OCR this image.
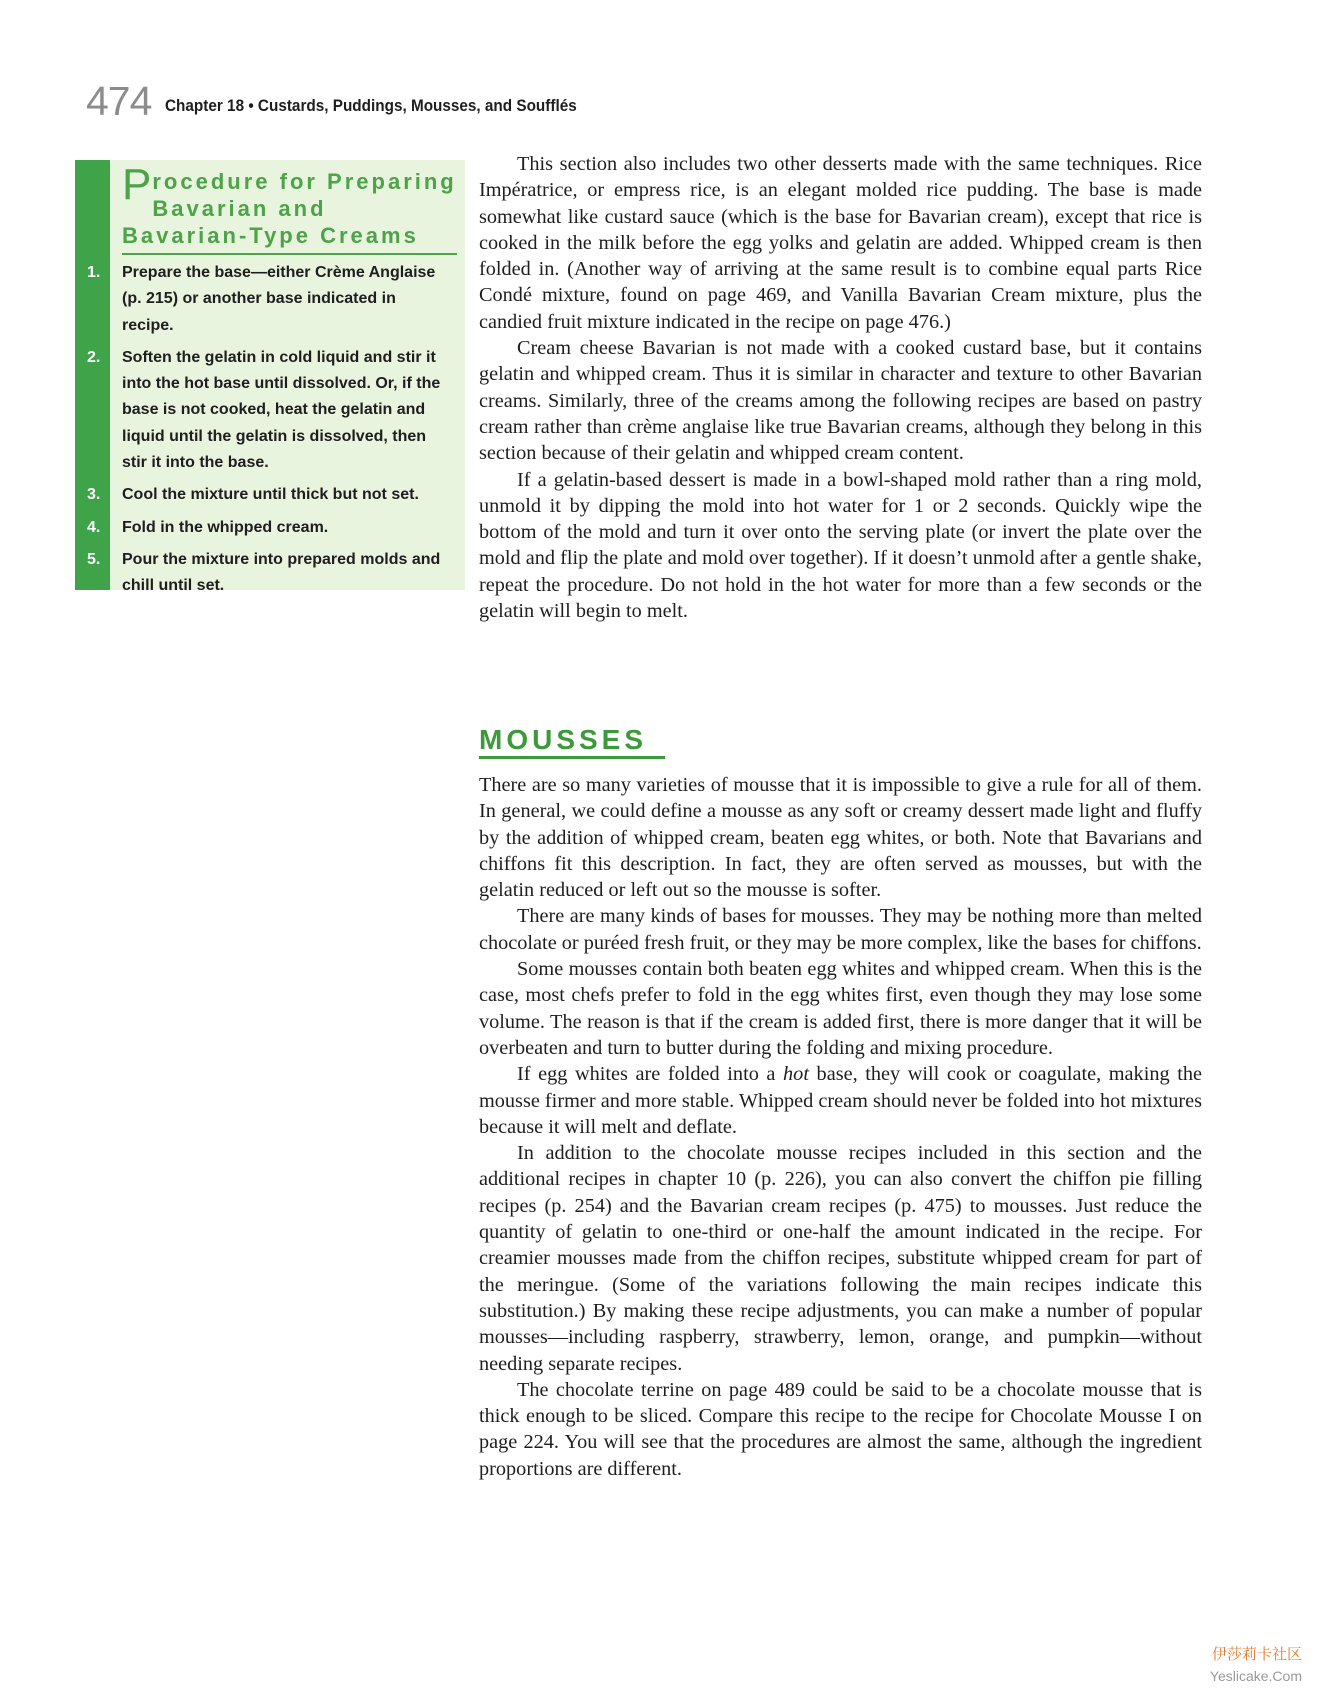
474 Chapter 18 • Custards, Puddings, Mousses, and Soufflés
Procedure for Preparing Bavarian and Bavarian-Type Creams
1. Prepare the base—either Crème Anglaise (p. 215) or another base indicated in recipe.
2. Soften the gelatin in cold liquid and stir it into the hot base until dissolved. Or, if the base is not cooked, heat the gelatin and liquid until the gelatin is dissolved, then stir it into the base.
3. Cool the mixture until thick but not set.
4. Fold in the whipped cream.
5. Pour the mixture into prepared molds and chill until set.

This section also includes two other desserts made with the same techniques. Rice Impératrice, or empress rice, is an elegant molded rice pudding. The base is made somewhat like custard sauce (which is the base for Bavarian cream), except that rice is cooked in the milk before the egg yolks and gelatin are added. Whipped cream is then folded in. (Another way of arriving at the same result is to combine equal parts Rice Condé mixture, found on page 469, and Vanilla Bavarian Cream mixture, plus the candied fruit mixture indicated in the recipe on page 476.)

Cream cheese Bavarian is not made with a cooked custard base, but it contains gelatin and whipped cream. Thus it is similar in character and texture to other Bavarian creams. Similarly, three of the creams among the following recipes are based on pastry cream rather than crème anglaise like true Bavarian creams, although they belong in this section because of their gelatin and whipped cream content.

If a gelatin-based dessert is made in a bowl-shaped mold rather than a ring mold, unmold it by dipping the mold into hot water for 1 or 2 seconds. Quickly wipe the bottom of the mold and turn it over onto the serving plate (or invert the plate over the mold and flip the plate and mold over together). If it doesn’t unmold after a gentle shake, repeat the procedure. Do not hold in the hot water for more than a few seconds or the gelatin will begin to melt.

MOUSSES

There are so many varieties of mousse that it is impossible to give a rule for all of them. In general, we could define a mousse as any soft or creamy dessert made light and fluffy by the addition of whipped cream, beaten egg whites, or both. Note that Bavarians and chiffons fit this description. In fact, they are often served as mousses, but with the gelatin reduced or left out so the mousse is softer.

There are many kinds of bases for mousses. They may be nothing more than melted chocolate or puréed fresh fruit, or they may be more complex, like the bases for chiffons.

Some mousses contain both beaten egg whites and whipped cream. When this is the case, most chefs prefer to fold in the egg whites first, even though they may lose some volume. The reason is that if the cream is added first, there is more danger that it will be overbeaten and turn to butter during the folding and mixing procedure.

If egg whites are folded into a hot base, they will cook or coagulate, making the mousse firmer and more stable. Whipped cream should never be folded into hot mixtures because it will melt and deflate.

In addition to the chocolate mousse recipes included in this section and the additional recipes in chapter 10 (p. 226), you can also convert the chiffon pie filling recipes (p. 254) and the Bavarian cream recipes (p. 475) to mousses. Just reduce the quantity of gelatin to one-third or one-half the amount indicated in the recipe. For creamier mousses made from the chiffon recipes, substitute whipped cream for part of the meringue. (Some of the variations following the main recipes indicate this substitution.) By making these recipe adjustments, you can make a number of popular mousses—including raspberry, strawberry, lemon, orange, and pumpkin—without needing separate recipes.

The chocolate terrine on page 489 could be said to be a chocolate mousse that is thick enough to be sliced. Compare this recipe to the recipe for Chocolate Mousse I on page 224. You will see that the procedures are almost the same, although the ingredient proportions are different.

伊莎莉卡社区
Yeslicake.Com
